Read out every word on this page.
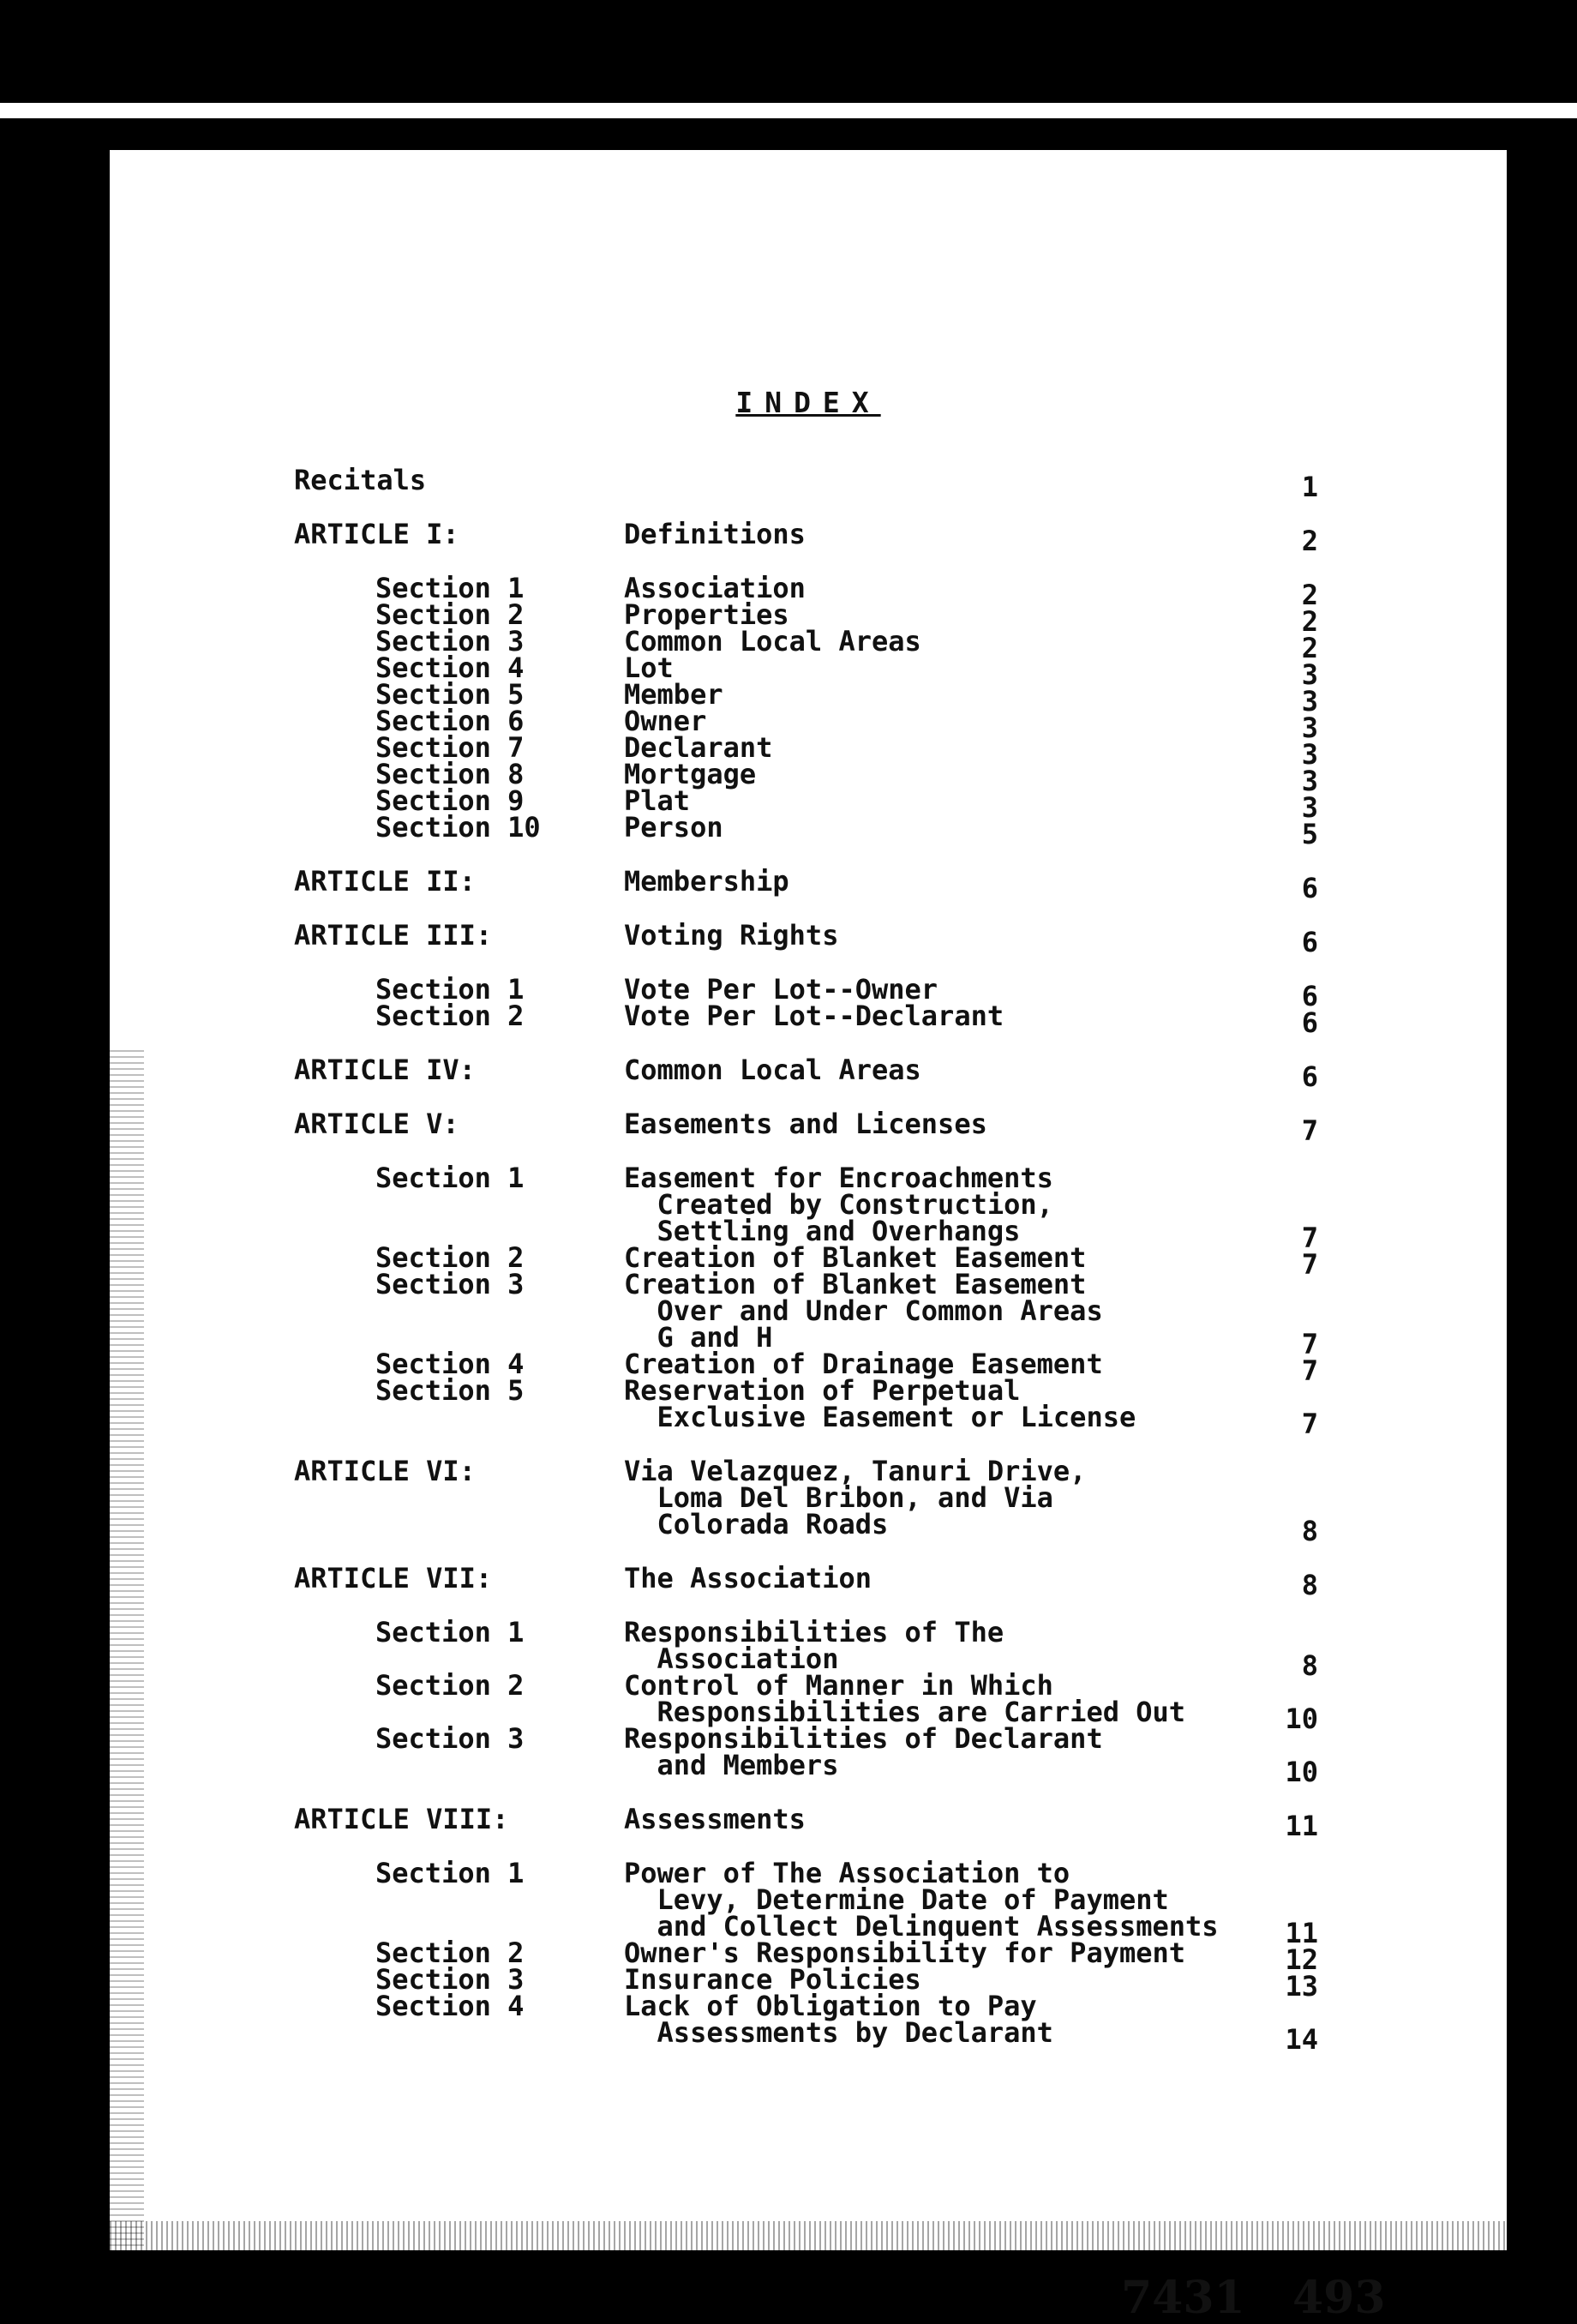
INDEX
Recitals	1
ARTICLE I:	Definitions	2
Section 1	Association	2
Section 2	Properties	2
Section 3	Common Local Areas	2
Section 4	Lot	3
Section 5	Member	3
Section 6	Owner	3
Section 7	Declarant	3
Section 8	Mortgage	3
Section 9	Plat	3
Section 10	Person	5
ARTICLE II:	Membership	6
ARTICLE III:	Voting Rights	6
Section 1	Vote Per Lot--Owner	6
Section 2	Vote Per Lot--Declarant	6
ARTICLE IV:	Common Local Areas	6
ARTICLE V:	Easements and Licenses	7
Section 1	Easement for Encroachments
Created by Construction,
Settling and Overhangs	7
Section 2	Creation of Blanket Easement	7
Section 3	Creation of Blanket Easement
Over and Under Common Areas
G and H	7
Section 4	Creation of Drainage Easement	7
Section 5	Reservation of Perpetual
Exclusive Easement or License	7
ARTICLE VI:	Via Velazquez, Tanuri Drive,
Loma Del Bribon, and Via
Colorada Roads	8
ARTICLE VII:	The Association	8
Section 1	Responsibilities of The
Association	8
Section 2	Control of Manner in Which
Responsibilities are Carried Out	10
Section 3	Responsibilities of Declarant
and Members	10
ARTICLE VIII:	Assessments	11
Section 1	Power of The Association to
Levy, Determine Date of Payment
and Collect Delinquent Assessments	11
Section 2	Owner's Responsibility for Payment	12
Section 3	Insurance Policies	13
Section 4	Lack of Obligation to Pay
Assessments by Declarant	14
7431 493
